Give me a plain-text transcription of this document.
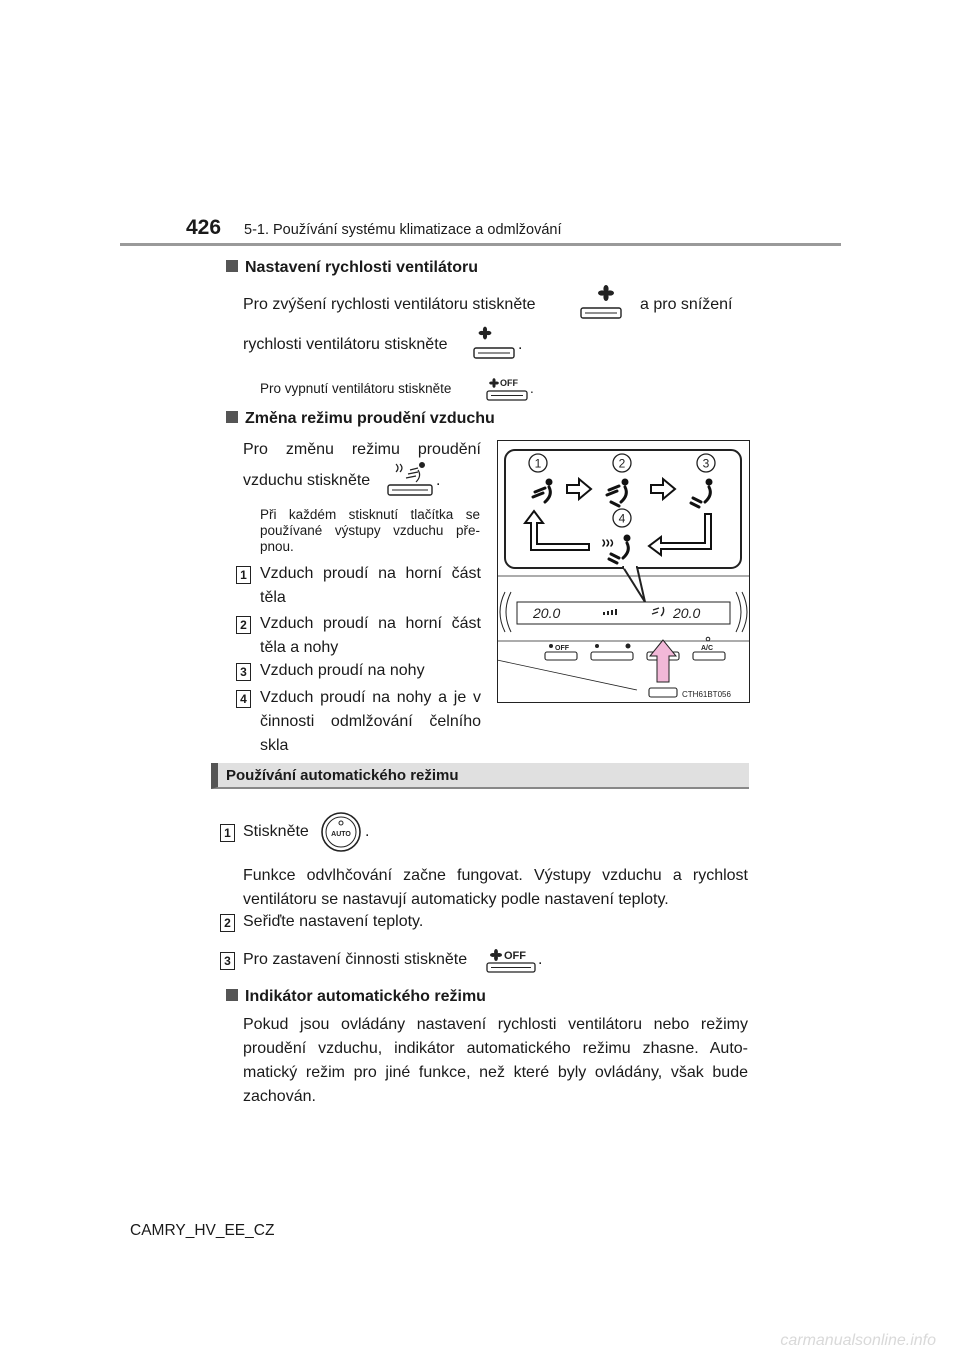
426 5-1. Používání systému klimatizace a odmlžování
Nastavení rychlosti ventilátoru
Pro zvýšení rychlosti ventilátoru stiskněte	a pro snížení
rychlosti ventilátoru stiskněte	.
Pro vypnutí ventilátoru stiskněte	OFF .
Změna režimu proudění vzduchu
Pro změnu režimu proudění
vzduchu stiskněte	.
Při každém stisknutí tlačítka se používané výstupy vzduchu pře-pnou.
1 Vzduch proudí na horní část těla
2 Vzduch proudí na horní část těla a nohy
3 Vzduch proudí na nohy
4 Vzduch proudí na nohy a je v činnosti odmlžování čelního skla
1	2	3
4
20.0	20.0
OFF	A/C
CTH61BT056
Používání automatického režimu
1 Stiskněte	AUTO .
Funkce odvlhčování začne fungovat. Výstupy vzduchu a rychlost ventilátoru se nastavují automaticky podle nastavení teploty.
2 Seřiďte nastavení teploty.
3 Pro zastavení činnosti stiskněte	OFF .
Indikátor automatického režimu
Pokud jsou ovládány nastavení rychlosti ventilátoru nebo režimy proudění vzduchu, indikátor automatického režimu zhasne. Auto-matický režim pro jiné funkce, než které byly ovládány, však bude zachován.
CAMRY_HV_EE_CZ
carmanualsonline.info
